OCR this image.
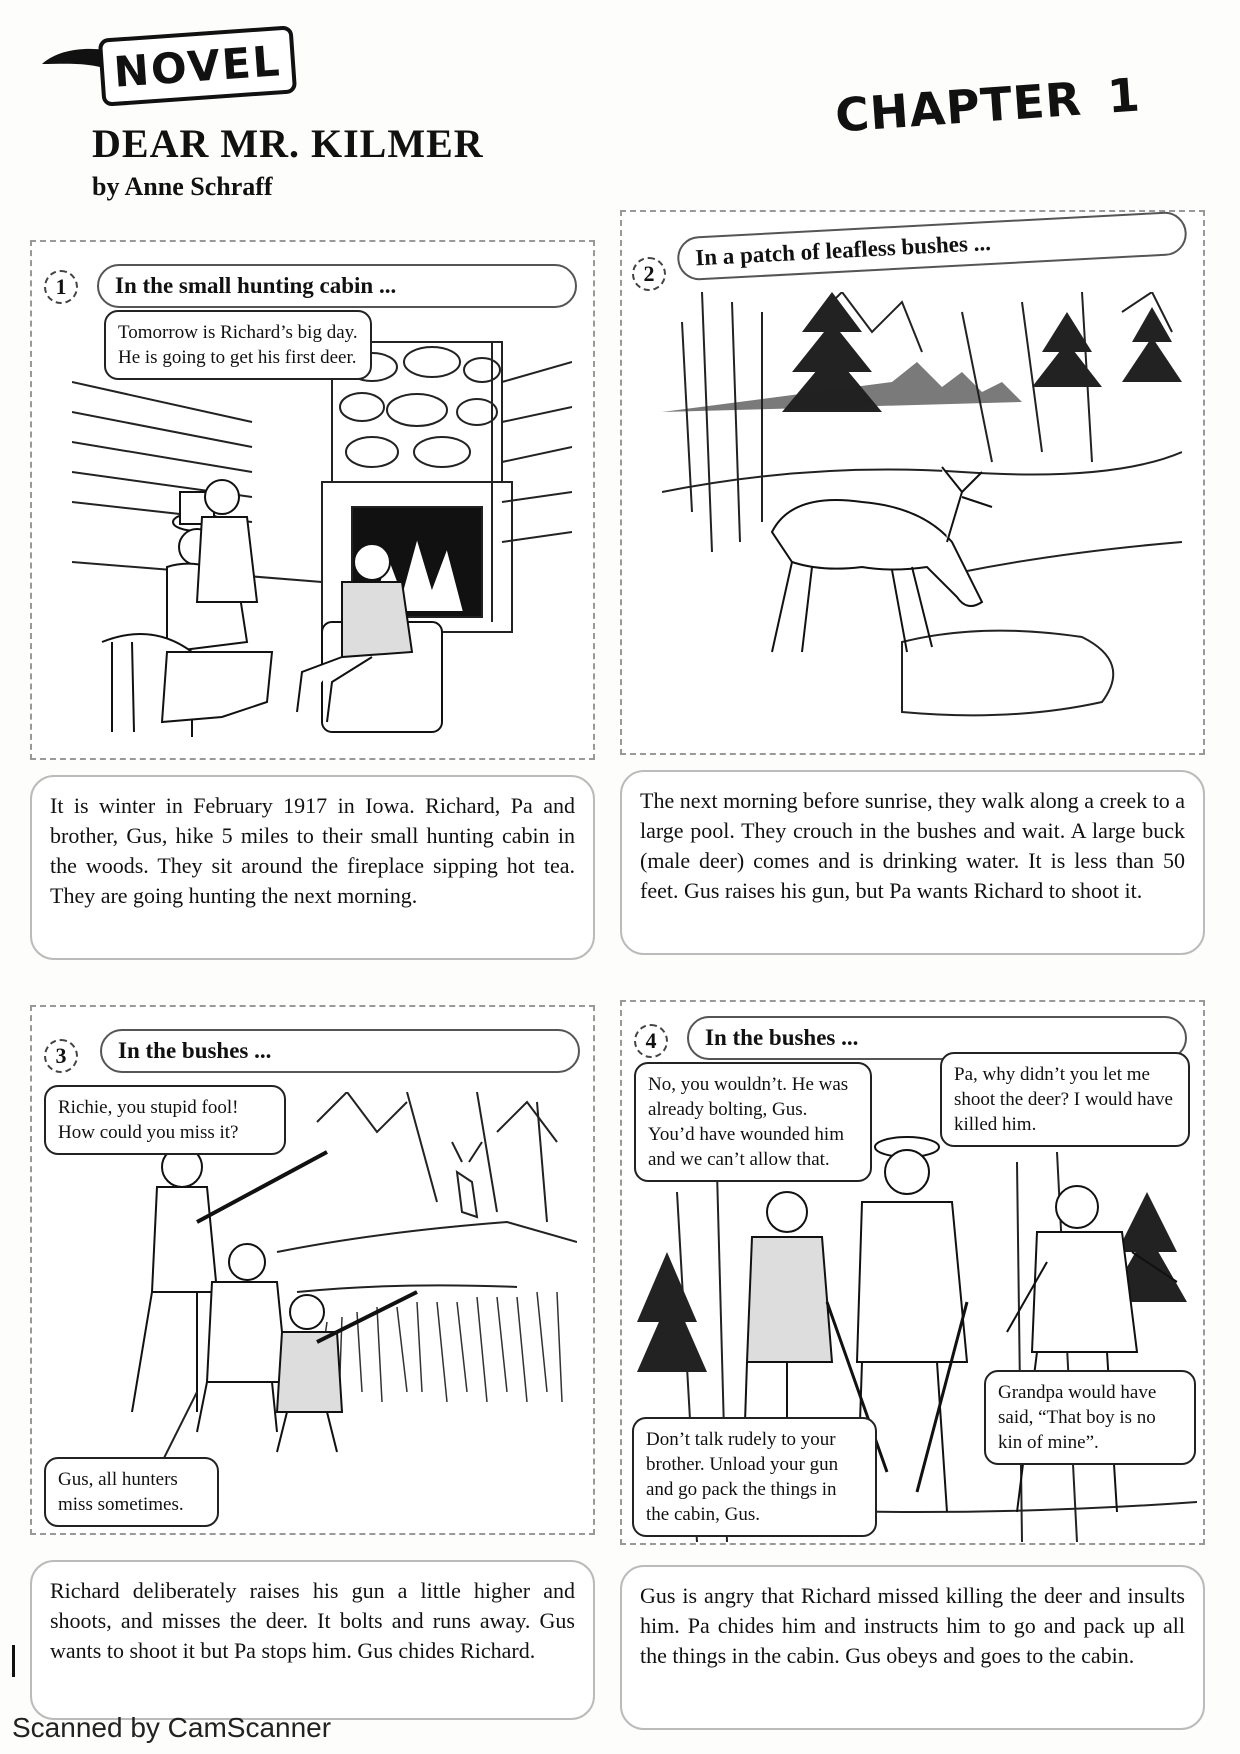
NOVEL
DEAR MR. KILMER
by Anne Schraff
CHAPTER 1
1	In the small hunting cabin ...
Tomorrow is Richard’s big day. He is going to get his first deer.
It is winter in February 1917 in Iowa. Richard, Pa and brother, Gus, hike 5 miles to their small hunting cabin in the woods. They sit around the fireplace sipping hot tea. They are going hunting the next morning.
2
In a patch of leafless bushes ...
The next morning before sunrise, they walk along a creek to a large pool. They crouch in the bushes and wait. A large buck (male deer) comes and is drinking water. It is less than 50 feet. Gus raises his gun, but Pa wants Richard to shoot it.
3	In the bushes ...
Richie, you stupid fool! How could you miss it?
Gus, all hunters miss sometimes.
Richard deliberately raises his gun a little higher and shoots, and misses the deer. It bolts and runs away. Gus wants to shoot it but Pa stops him. Gus chides Richard.
4	In the bushes ...
No, you wouldn’t. He was already bolting, Gus. You’d have wounded him and we can’t allow that.
Pa, why didn’t you let me shoot the deer? I would have killed him.
Don’t talk rudely to your brother. Unload your gun and go pack the things in the cabin, Gus.
Grandpa would have said, “That boy is no kin of mine”.
Gus is angry that Richard missed killing the deer and insults him. Pa chides him and instructs him to go and pack up all the things in the cabin. Gus obeys and goes to the cabin.
Scanned by CamScanner
